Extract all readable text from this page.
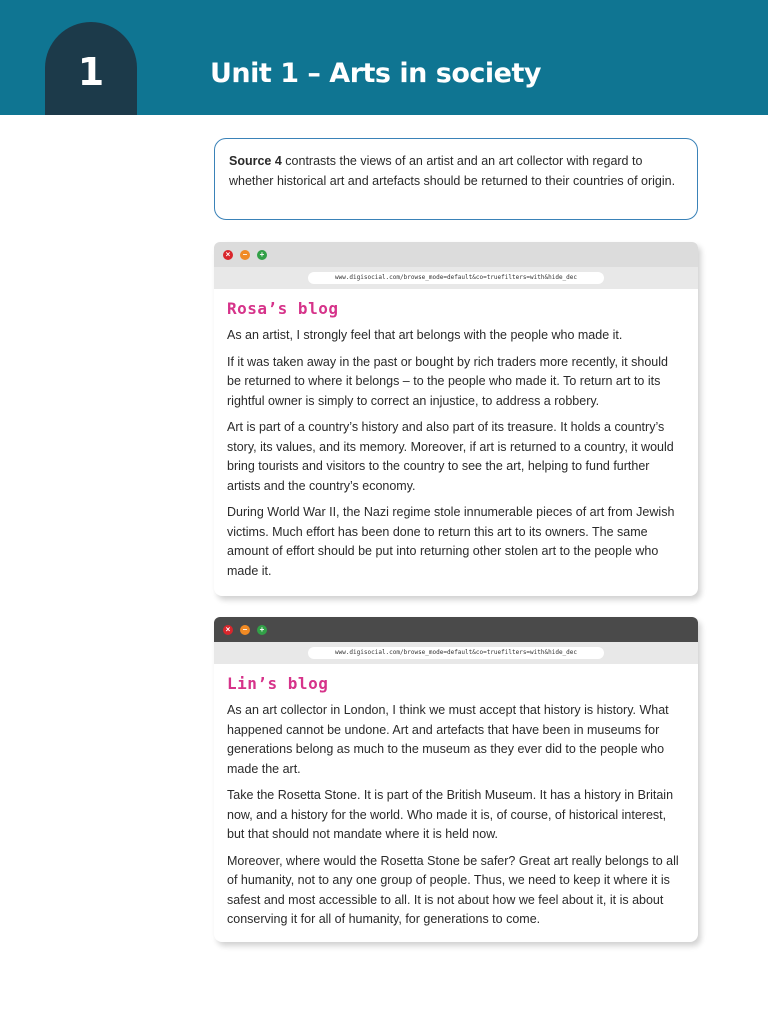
1	Unit 1 – Arts in society
Source 4 contrasts the views of an artist and an art collector with regard to whether historical art and artefacts should be returned to their countries of origin.
×	–	+
www.digisocial.com/browse_mode=default&co=truefilters=with&hide_dec
Rosa’s blog

As an artist, I strongly feel that art belongs with the people who made it.

If it was taken away in the past or bought by rich traders more recently, it should be returned to where it belongs – to the people who made it. To return art to its rightful owner is simply to correct an injustice, to address a robbery.

Art is part of a country’s history and also part of its treasure. It holds a country’s story, its values, and its memory. Moreover, if art is returned to a country, it would bring tourists and visitors to the country to see the art, helping to fund further artists and the country’s economy.

During World War II, the Nazi regime stole innumerable pieces of art from Jewish victims. Much effort has been done to return this art to its owners. The same amount of effort should be put into returning other stolen art to the people who made it.

×	–	+
www.digisocial.com/browse_mode=default&co=truefilters=with&hide_dec
Lin’s blog

As an art collector in London, I think we must accept that history is history. What happened cannot be undone. Art and artefacts that have been in museums for generations belong as much to the museum as they ever did to the people who made the art.

Take the Rosetta Stone. It is part of the British Museum. It has a history in Britain now, and a history for the world. Who made it is, of course, of historical interest, but that should not mandate where it is held now.

Moreover, where would the Rosetta Stone be safer? Great art really belongs to all of humanity, not to any one group of people. Thus, we need to keep it where it is safest and most accessible to all. It is not about how we feel about it, it is about conserving it for all of humanity, for generations to come.
